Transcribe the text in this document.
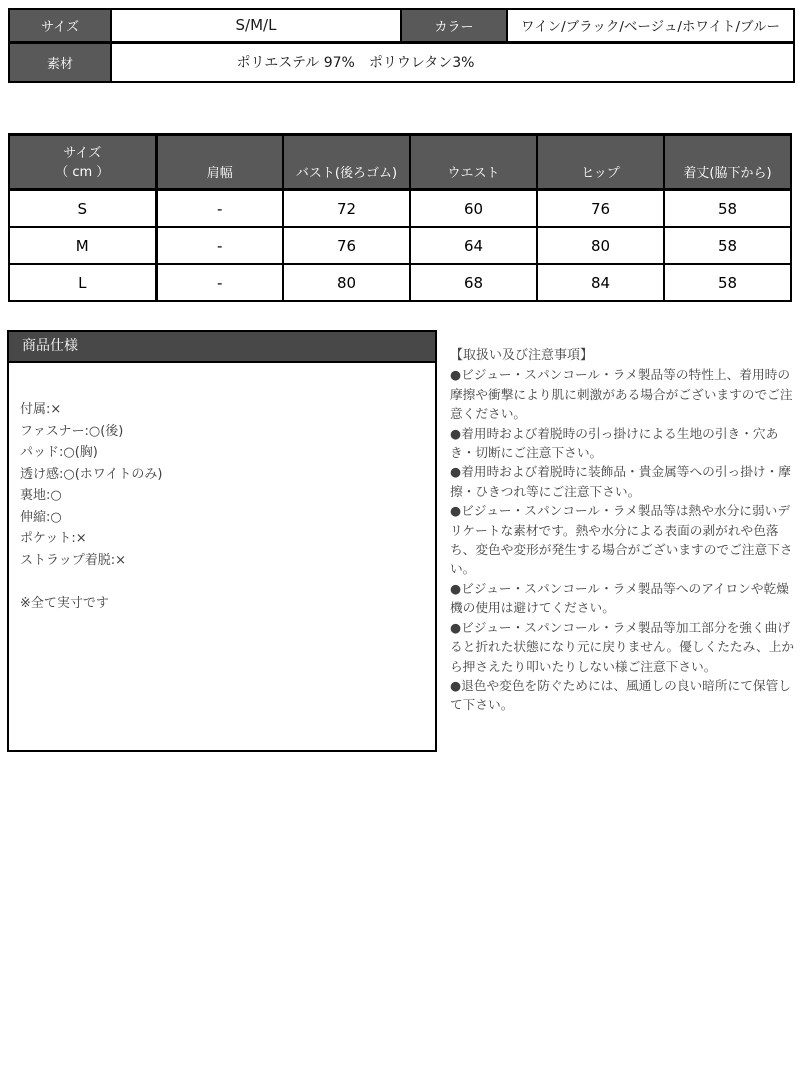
サイズ	S/M/L	カラー	ワイン/ブラック/ベージュ/ホワイト/ブルー
素材	ポリエステル 97%　ポリウレタン3%		
サイズ
（ cm ）	肩幅	バスト(後ろゴム)	ウエスト	ヒップ	着丈(脇下から)
S	-	72	60	76	58
M	-	76	64	80	58
L	-	80	68	84	58
商品仕様
付属:×
ファスナー:○(後)
パッド:○(胸)
透け感:○(ホワイトのみ)
裏地:○
伸縮:○
ポケット:×
ストラップ着脱:×
※全て実寸です

【取扱い及び注意事項】

●ビジュー・スパンコール・ラメ製品等の特性上、着用時の摩擦や衝撃により肌に刺激がある場合がございますのでご注意ください。

●着用時および着脱時の引っ掛けによる生地の引き・穴あき・切断にご注意下さい。

●着用時および着脱時に装飾品・貴金属等への引っ掛け・摩擦・ひきつれ等にご注意下さい。

●ビジュー・スパンコール・ラメ製品等は熱や水分に弱いデリケートな素材です。熱や水分による表面の剥がれや色落ち、変色や変形が発生する場合がございますのでご注意下さい。

●ビジュー・スパンコール・ラメ製品等へのアイロンや乾燥機の使用は避けてください。

●ビジュー・スパンコール・ラメ製品等加工部分を強く曲げると折れた状態になり元に戻りません。優しくたたみ、上から押さえたり叩いたりしない様ご注意下さい。

●退色や変色を防ぐためには、風通しの良い暗所にて保管して下さい。
